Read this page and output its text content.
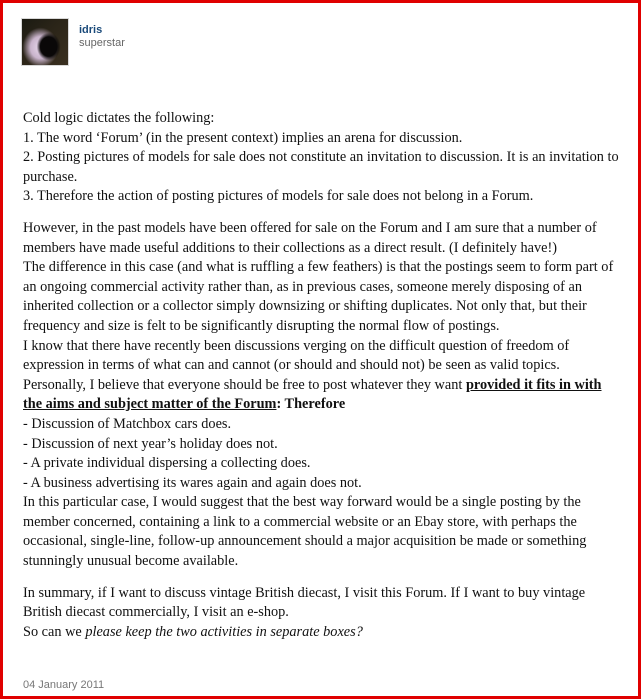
idris
superstar

Cold logic dictates the following:

1. The word ‘Forum’ (in the present context) implies an arena for discussion.

2. Posting pictures of models for sale does not constitute an invitation to discussion. It is an invitation to purchase.

3. Therefore the action of posting pictures of models for sale does not belong in a Forum.

However, in the past models have been offered for sale on the Forum and I am sure that a number of members have made useful additions to their collections as a direct result. (I definitely have!)

The difference in this case (and what is ruffling a few feathers) is that the postings seem to form part of an ongoing commercial activity rather than, as in previous cases, someone merely disposing of an inherited collection or a collector simply downsizing or shifting duplicates. Not only that, but their frequency and size is felt to be significantly disrupting the normal flow of postings.

I know that there have recently been discussions verging on the difficult question of freedom of expression in terms of what can and cannot (or should and should not) be seen as valid topics.

Personally, I believe that everyone should be free to post whatever they want provided it fits in with the aims and subject matter of the Forum: Therefore

- Discussion of Matchbox cars does.

- Discussion of next year’s holiday does not.

- A private individual dispersing a collecting does.

- A business advertising its wares again and again does not.

In this particular case, I would suggest that the best way forward would be a single posting by the member concerned, containing a link to a commercial website or an Ebay store, with perhaps the occasional, single-line, follow-up announcement should a major acquisition be made or something stunningly unusual become available.

In summary, if I want to discuss vintage British diecast, I visit this Forum. If I want to buy vintage British diecast commercially, I visit an e-shop.

So can we please keep the two activities in separate boxes?

04 January 2011
